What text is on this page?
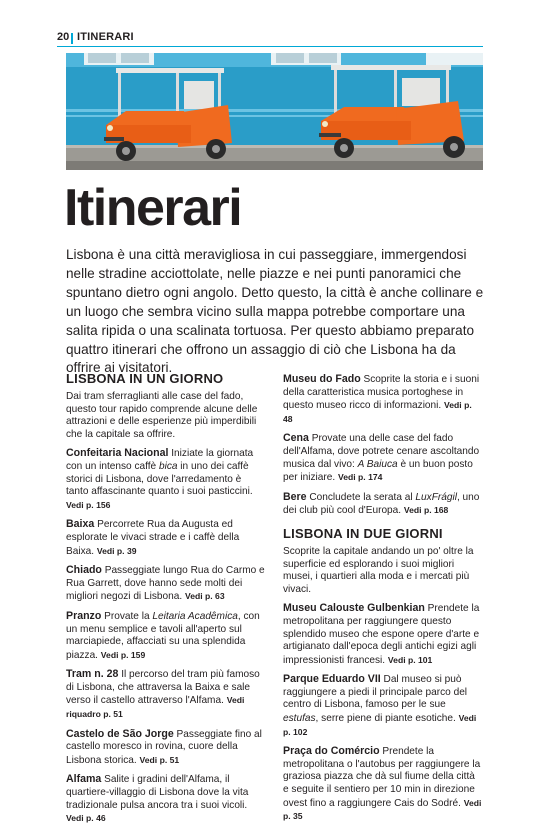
20 ITINERARI
Itinerari
Lisbona è una città meravigliosa in cui passeggiare, immergendosi nelle stradine acciottolate, nelle piazze e nei punti panoramici che spuntano dietro ogni angolo. Detto questo, la città è anche collinare e un luogo che sembra vicino sulla mappa potrebbe comportare una salita ripida o una scalinata tortuosa. Per questo abbiamo preparato quattro itinerari che offrono un assaggio di ciò che Lisbona ha da offrire ai visitatori.
LISBONA IN UN GIORNO
Dai tram sferraglianti alle case del fado, questo tour rapido comprende alcune delle attrazioni e delle esperienze più imperdibili che la capitale sa offrire.
Confeitaria Nacional Iniziate la giornata con un intenso caffè bica in uno dei caffè storici di Lisbona, dove l'arredamento è tanto affascinante quanto i suoi pasticcini. Vedi p. 156
Baixa Percorrete Rua da Augusta ed esplorate le vivaci strade e i caffè della Baixa. Vedi p. 39
Chiado Passeggiate lungo Rua do Carmo e Rua Garrett, dove hanno sede molti dei migliori negozi di Lisbona. Vedi p. 63
Pranzo Provate la Leitaria Acadêmica, con un menu semplice e tavoli all'aperto sul marciapiede, affacciati su una splendida piazza. Vedi p. 159
Tram n. 28 Il percorso del tram più famoso di Lisbona, che attraversa la Baixa e sale verso il castello attraverso l'Alfama. Vedi riquadro p. 51
Castelo de São Jorge Passeggiate fino al castello moresco in rovina, cuore della Lisbona storica. Vedi p. 51
Alfama Salite i gradini dell'Alfama, il quartiere-villaggio di Lisbona dove la vita tradizionale pulsa ancora tra i suoi vicoli. Vedi p. 46
Museu do Fado Scoprite la storia e i suoni della caratteristica musica portoghese in questo museo ricco di informazioni. Vedi p. 48
Cena Provate una delle case del fado dell'Alfama, dove potrete cenare ascoltando musica dal vivo: A Baiuca è un buon posto per iniziare. Vedi p. 174
Bere Concludete la serata al LuxFrágil, uno dei club più cool d'Europa. Vedi p. 168
LISBONA IN DUE GIORNI
Scoprite la capitale andando un po' oltre la superficie ed esplorando i suoi migliori musei, i quartieri alla moda e i mercati più vivaci.
Museu Calouste Gulbenkian Prendete la metropolitana per raggiungere questo splendido museo che espone opere d'arte e artigianato dall'epoca degli antichi egizi agli impressionisti francesi. Vedi p. 101
Parque Eduardo VII Dal museo si può raggiungere a piedi il principale parco del centro di Lisbona, famoso per le sue estufas, serre piene di piante esotiche. Vedi p. 102
Praça do Comércio Prendete la metropolitana o l'autobus per raggiungere la graziosa piazza che dà sul fiume della città e seguite il sentiero per 10 min in direzione ovest fino a raggiungere Cais do Sodré. Vedi p. 35
